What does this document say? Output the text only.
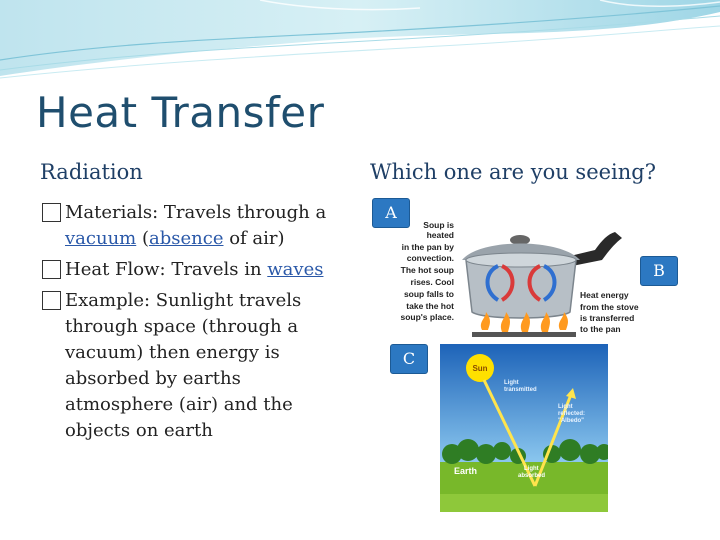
Heat Transfer
Radiation	Which one are you seeing?
Materials: Travels through a vacuum (absence of air)
Heat Flow: Travels in waves
Example: Sunlight travels through space (through a vacuum) then energy is absorbed by earths atmosphere (air) and the objects on earth
Soup is
heated
in the pan by
convection.
The hot soup
rises. Cool
soup falls to
take the hot
soup's place.
Heat energy
from the stove
is transferred
to the pan
Sun
Light
transmitted
Light
reflected:
"Albedo"
Earth	Light
absorbed
A
B
C
